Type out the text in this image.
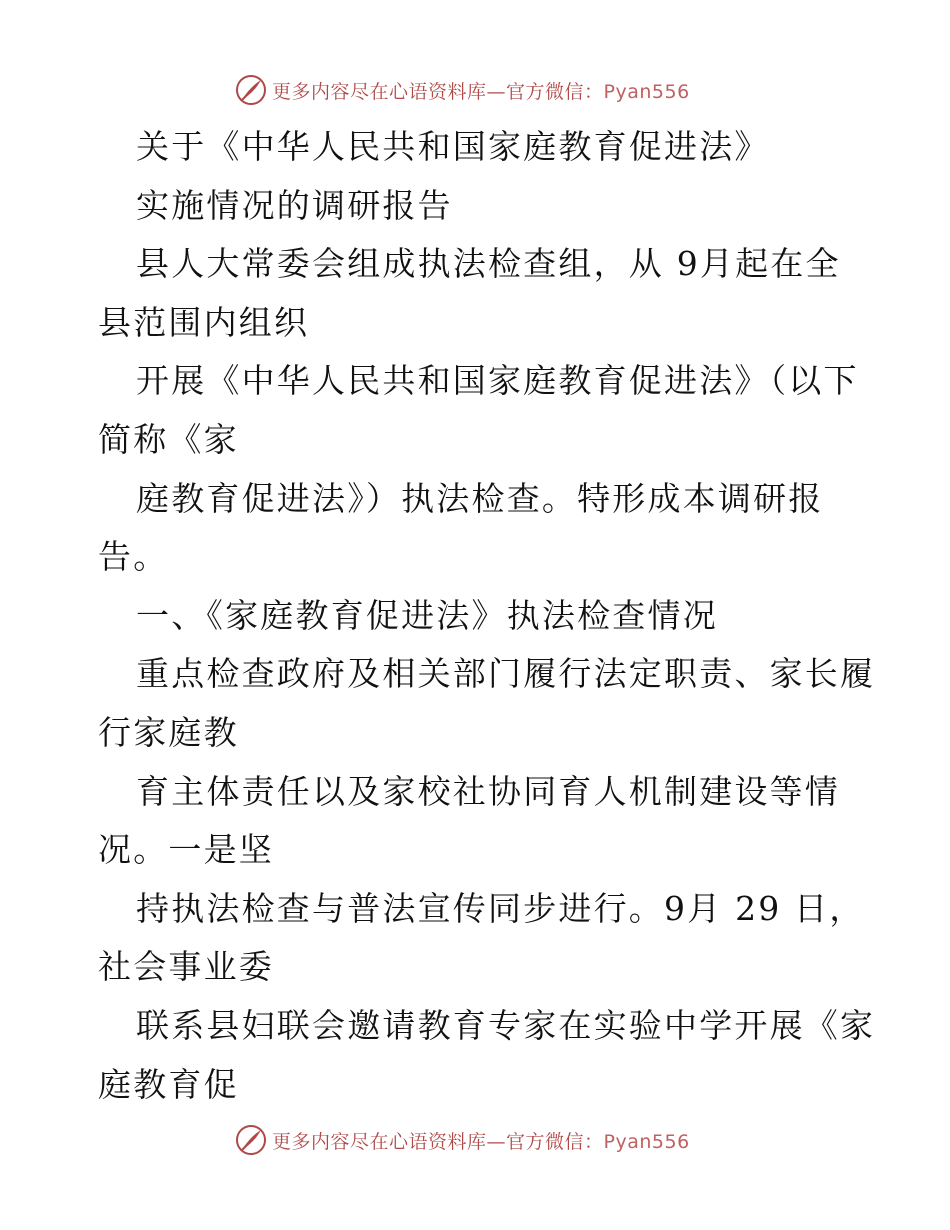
更多内容尽在心语资料库—官方微信：Pyan556
关于《中华人民共和国家庭教育促进法》
实施情况的调研报告
县人大常委会组成执法检查组，从 9月起在全
县范围内组织
开展《中华人民共和国家庭教育促进法》（以下
简称《家
庭教育促进法》）执法检查。特形成本调研报
告。
一、《家庭教育促进法》执法检查情况
重点检查政府及相关部门履行法定职责、家长履
行家庭教
育主体责任以及家校社协同育人机制建设等情
况。一是坚
持执法检查与普法宣传同步进行。9月 29 日，
社会事业委
联系县妇联会邀请教育专家在实验中学开展《家
庭教育促
更多内容尽在心语资料库—官方微信：Pyan556
